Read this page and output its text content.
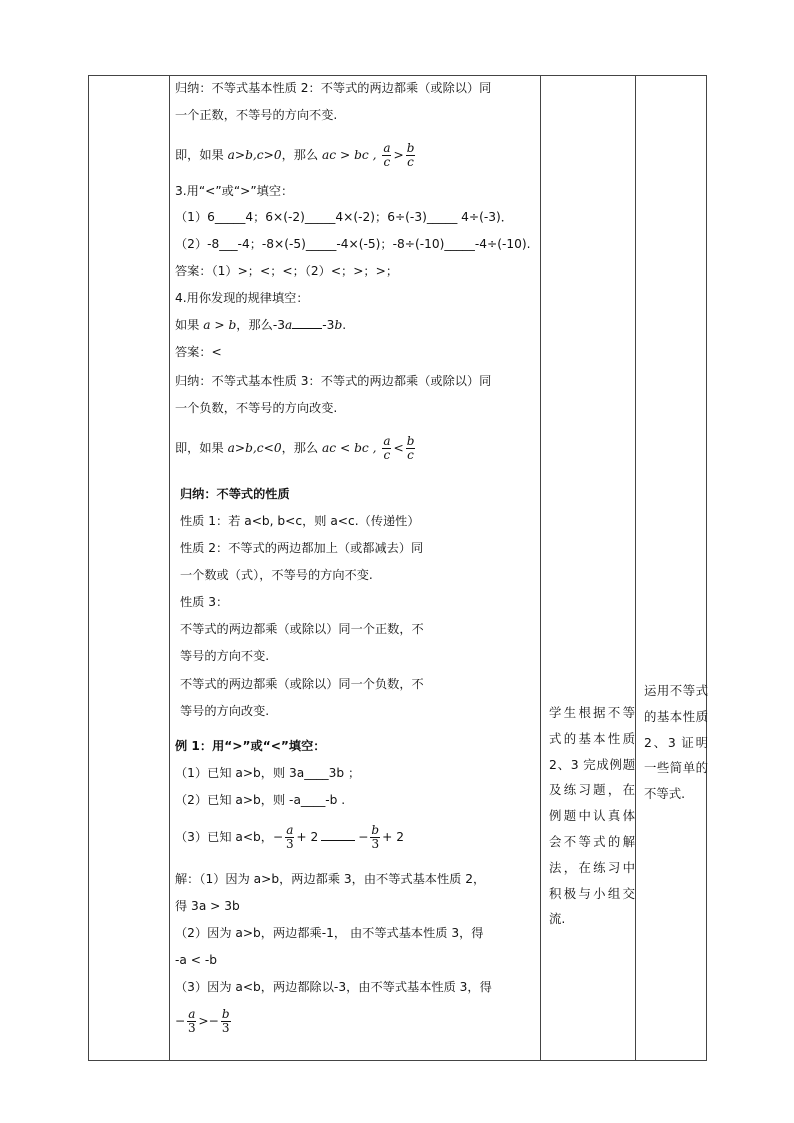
归纳：不等式基本性质 2：不等式的两边都乘（或除以）同
一个正数，不等号的方向不变.
即，如果 a>b,c>0，那么 ac > bc , $\frac{a}{c} > \frac{b}{c}$
3.用“<”或“>”填空：
（1）6_____4；6×(-2)_____4×(-2)；6÷(-3)_____ 4÷(-3)．
（2）-8___-4；-8×(-5)_____-4×(-5)；-8÷(-10)_____-4÷(-10).
答案：（1）>；<；<；（2）<；>；>；
4.用你发现的规律填空：
如果 a > b，那么-3a -3b.
答案：<
归纳：不等式基本性质 3：不等式的两边都乘（或除以）同
一个负数，不等号的方向改变.
即，如果 a>b,c<0，那么 ac < bc , $\frac{a}{c} < \frac{b}{c}$
归纳：不等式的性质
性质 1：若 a<b, b<c，则 a<c.（传递性）
性质 2：不等式的两边都加上（或都减去）同
一个数或（式），不等号的方向不变.
性质 3：
不等式的两边都乘（或除以）同一个正数，不
等号的方向不变.
不等式的两边都乘（或除以）同一个负数，不
等号的方向改变.
例 1：用“>”或“<”填空：
（1）已知 a>b，则 3a____3b ；
（2）已知 a>b，则 -a____-b .
（3）已知 a<b，− $\frac{a}{3} + 2$	− $\frac{b}{3} + 2$
解：（1）因为 a>b，两边都乘 3，由不等式基本性质 2，
得 3a > 3b
（2）因为 a>b，两边都乘-1， 由不等式基本性质 3，得
-a < -b
（3）因为 a<b，两边都除以-3，由不等式基本性质 3，得
− $\frac{a}{3} >- \frac{b}{3}$
学生根据不等式的基本性质 2、3 完成例题及练习题，在例题中认真体会不等式的解法，在练习中积极与小组交流.
运用不等式的基本性质 2、3 证明一些简单的不等式.
